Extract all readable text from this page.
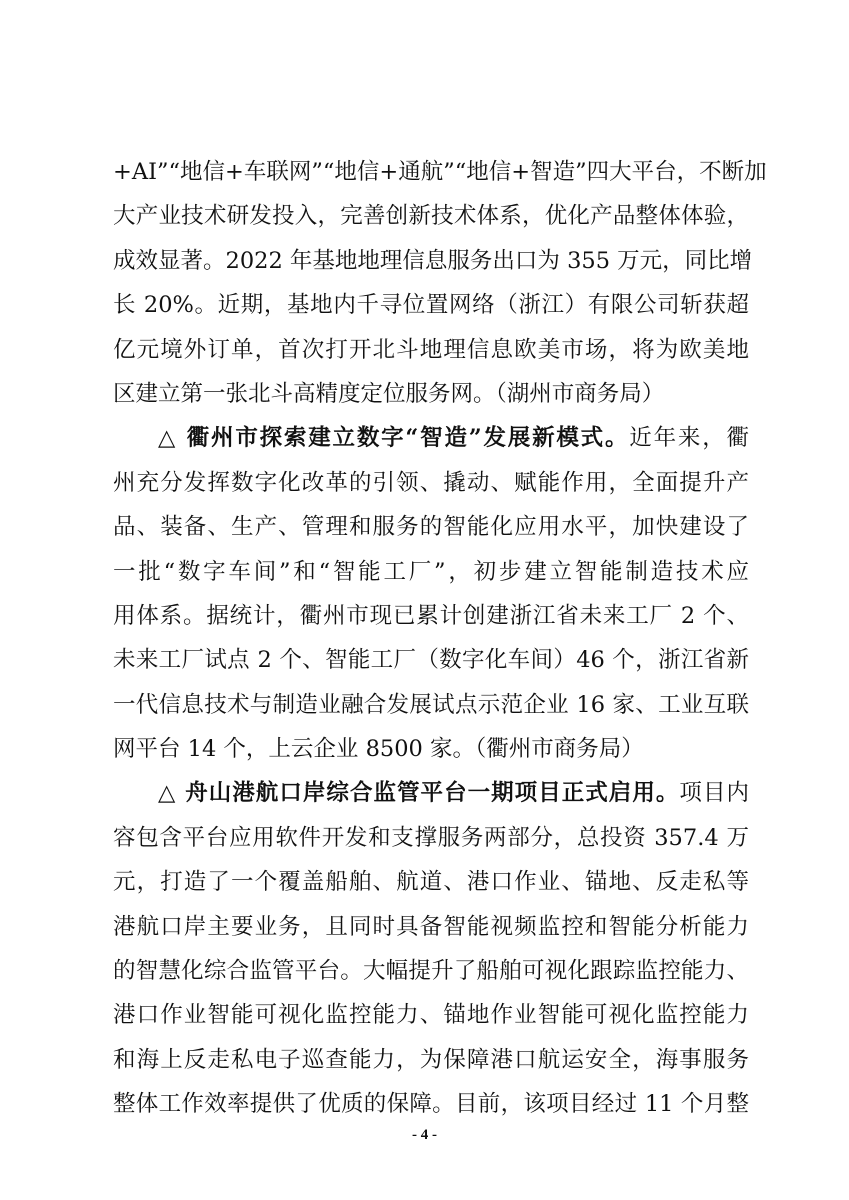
+AI”“地信+车联网”“地信+通航”“地信+智造”四大平台，不断加
大产业技术研发投入，完善创新技术体系，优化产品整体体验，
成效显著。2022 年基地地理信息服务出口为 355 万元，同比增
长 20%。近期，基地内千寻位置网络（浙江）有限公司斩获超
亿元境外订单，首次打开北斗地理信息欧美市场，将为欧美地
区建立第一张北斗高精度定位服务网。（湖州市商务局）
△ 衢州市探索建立数字“智造”发展新模式。近年来，衢
州充分发挥数字化改革的引领、撬动、赋能作用，全面提升产
品、装备、生产、管理和服务的智能化应用水平，加快建设了
一批“数字车间”和“智能工厂”，初步建立智能制造技术应
用体系。据统计，衢州市现已累计创建浙江省未来工厂 2 个、
未来工厂试点 2 个、智能工厂（数字化车间）46 个，浙江省新
一代信息技术与制造业融合发展试点示范企业 16 家、工业互联
网平台 14 个，上云企业 8500 家。（衢州市商务局）
△ 舟山港航口岸综合监管平台一期项目正式启用。项目内
容包含平台应用软件开发和支撑服务两部分，总投资 357.4 万
元，打造了一个覆盖船舶、航道、港口作业、锚地、反走私等
港航口岸主要业务，且同时具备智能视频监控和智能分析能力
的智慧化综合监管平台。大幅提升了船舶可视化跟踪监控能力、
港口作业智能可视化监控能力、锚地作业智能可视化监控能力
和海上反走私电子巡查能力，为保障港口航运安全，海事服务
整体工作效率提供了优质的保障。目前，该项目经过 11 个月整
- 4 -
